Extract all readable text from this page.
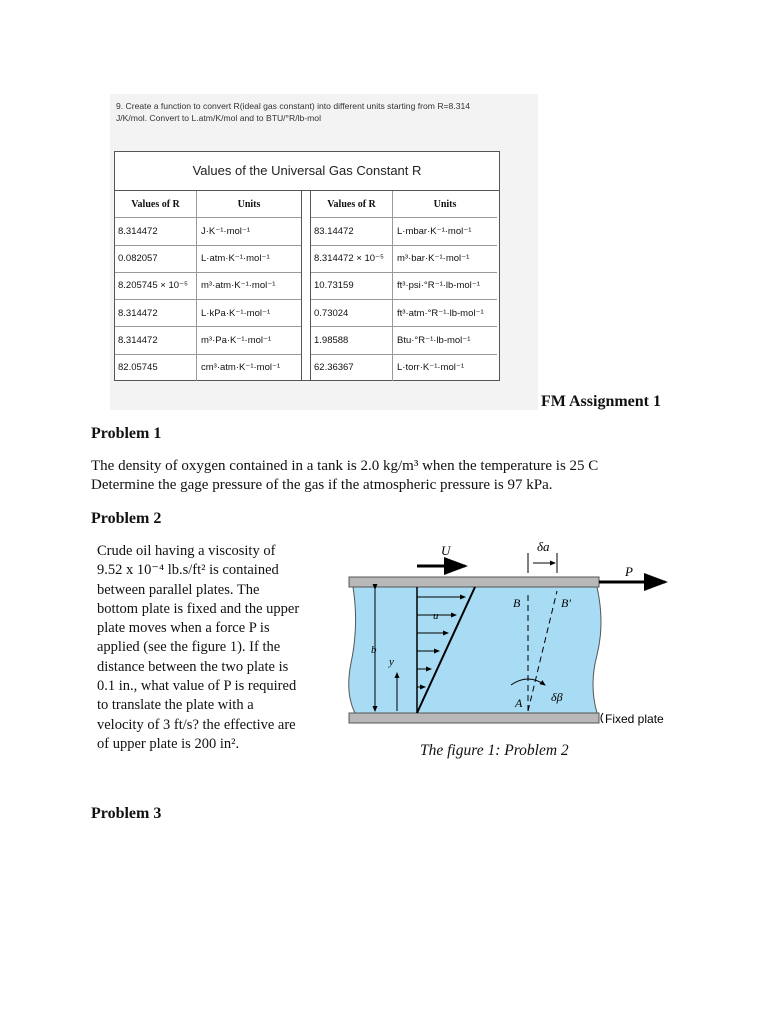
9. Create a function to convert R(ideal gas constant) into different units starting from R=8.314
J/K/mol. Convert to L.atm/K/mol and to BTU/°R/lb-mol
Values of the Universal Gas Constant R
Values of R	Units
8.314472	J·K⁻¹·mol⁻¹
0.082057	L·atm·K⁻¹·mol⁻¹
8.205745 × 10⁻⁵	m³·atm·K⁻¹·mol⁻¹
8.314472	L·kPa·K⁻¹·mol⁻¹
8.314472	m³·Pa·K⁻¹·mol⁻¹
82.05745	cm³·atm·K⁻¹·mol⁻¹
Values of R	Units
83.14472	L·mbar·K⁻¹·mol⁻¹
8.314472 × 10⁻⁵	m³·bar·K⁻¹·mol⁻¹
10.73159	ft³·psi·°R⁻¹·lb-mol⁻¹
0.73024	ft³·atm·°R⁻¹·lb-mol⁻¹
1.98588	Btu·°R⁻¹·lb-mol⁻¹
62.36367	L·torr·K⁻¹·mol⁻¹
FM Assignment 1
Problem 1
The density of oxygen contained in a tank is 2.0 kg/m³ when the temperature is 25 C
Determine the gage pressure of the gas if the atmospheric pressure is 97 kPa.
Problem 2
Crude oil having a viscosity of
9.52 x 10⁻⁴ lb.s/ft² is contained
between parallel plates. The
bottom plate is fixed and the upper
plate moves when a force P is
applied (see the figure 1). If the
distance between the two plate is
0.1 in., what value of P is required
to translate the plate with a
velocity of 3 ft/s? the effective are
of upper plate is 200 in².
U	δa
P
u
b
y
B	B′
A δβ
Fixed plate
The figure 1: Problem 2
Problem 3
